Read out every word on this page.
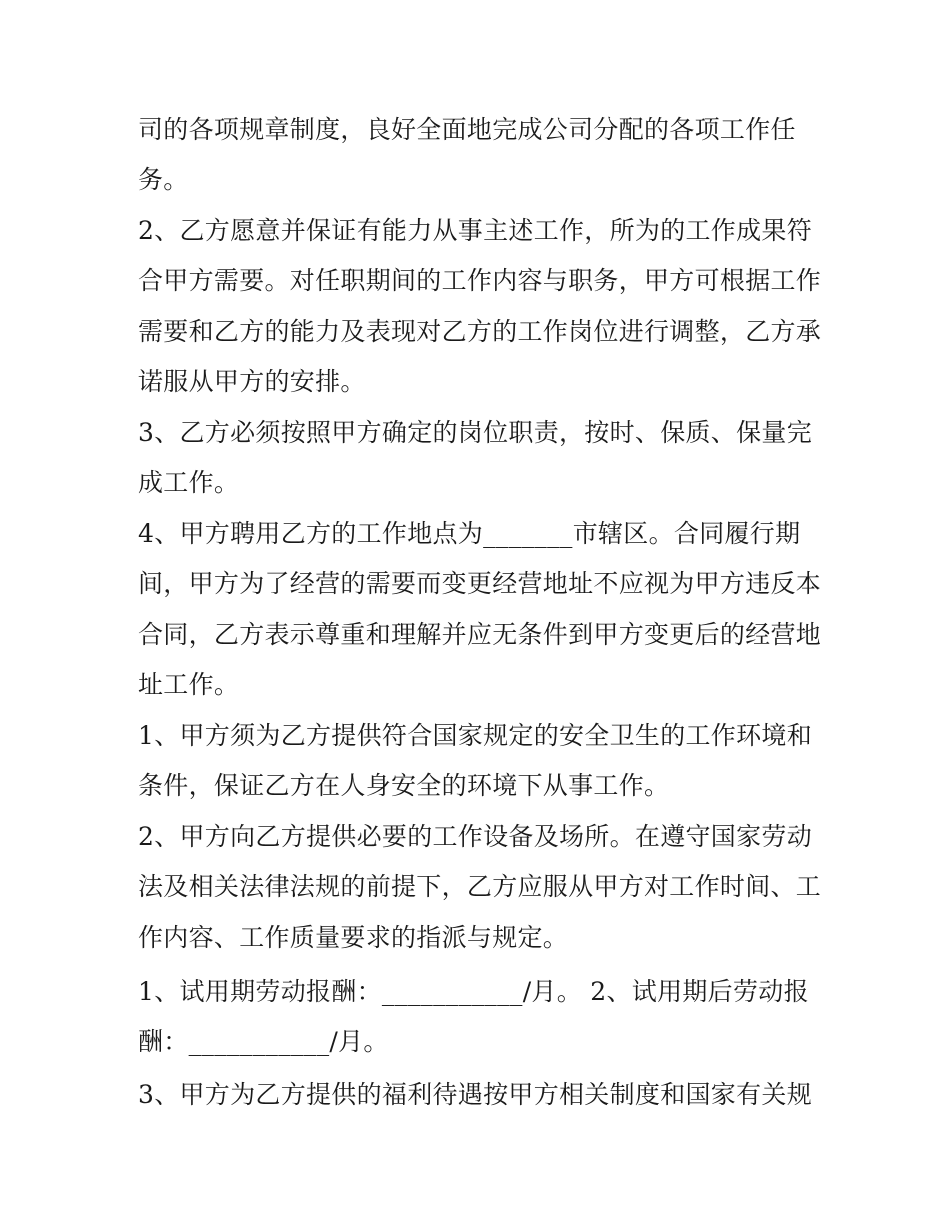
司的各项规章制度，良好全面地完成公司分配的各项工作任
务。
2、乙方愿意并保证有能力从事主述工作，所为的工作成果符
合甲方需要。对任职期间的工作内容与职务，甲方可根据工作
需要和乙方的能力及表现对乙方的工作岗位进行调整，乙方承
诺服从甲方的安排。
3、乙方必须按照甲方确定的岗位职责，按时、保质、保量完
成工作。
4、甲方聘用乙方的工作地点为_______市辖区。合同履行期
间，甲方为了经营的需要而变更经营地址不应视为甲方违反本
合同，乙方表示尊重和理解并应无条件到甲方变更后的经营地
址工作。
1、甲方须为乙方提供符合国家规定的安全卫生的工作环境和
条件，保证乙方在人身安全的环境下从事工作。
2、甲方向乙方提供必要的工作设备及场所。在遵守国家劳动
法及相关法律法规的前提下，乙方应服从甲方对工作时间、工
作内容、工作质量要求的指派与规定。
1、试用期劳动报酬：___________/月。 2、试用期后劳动报
酬：___________/月。
3、甲方为乙方提供的福利待遇按甲方相关制度和国家有关规
